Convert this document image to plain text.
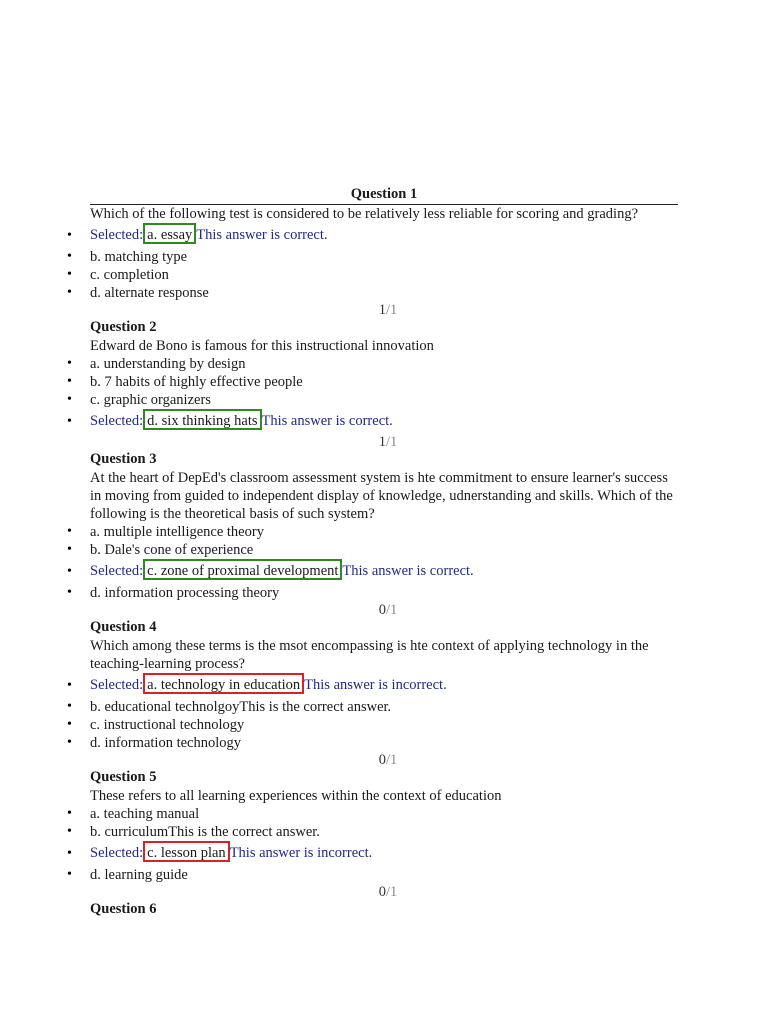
Question 1
Which of the following test is considered to be relatively less reliable for scoring and grading?
• Selected: a. essay This answer is correct.
• b. matching type
• c. completion
• d. alternate response
1/1
Question 2
Edward de Bono is famous for this instructional innovation
• a. understanding by design
• b. 7 habits of highly effective people
• c. graphic organizers
• Selected: d. six thinking hats This answer is correct.
1/1
Question 3
At the heart of DepEd's classroom assessment system is hte commitment to ensure learner's success in moving from guided to independent display of knowledge, udnerstanding and skills. Which of the following is the theoretical basis of such system?
• a. multiple intelligence theory
• b. Dale's cone of experience
• Selected: c. zone of proximal development This answer is correct.
• d. information processing theory
0/1
Question 4
Which among these terms is the msot encompassing is hte context of applying technology in the teaching-learning process?
• Selected: a. technology in education This answer is incorrect.
• b. educational technolgoyThis is the correct answer.
• c. instructional technology
• d. information technology
0/1
Question 5
These refers to all learning experiences within the context of education
• a. teaching manual
• b. curriculumThis is the correct answer.
• Selected: c. lesson plan This answer is incorrect.
• d. learning guide
0/1
Question 6
